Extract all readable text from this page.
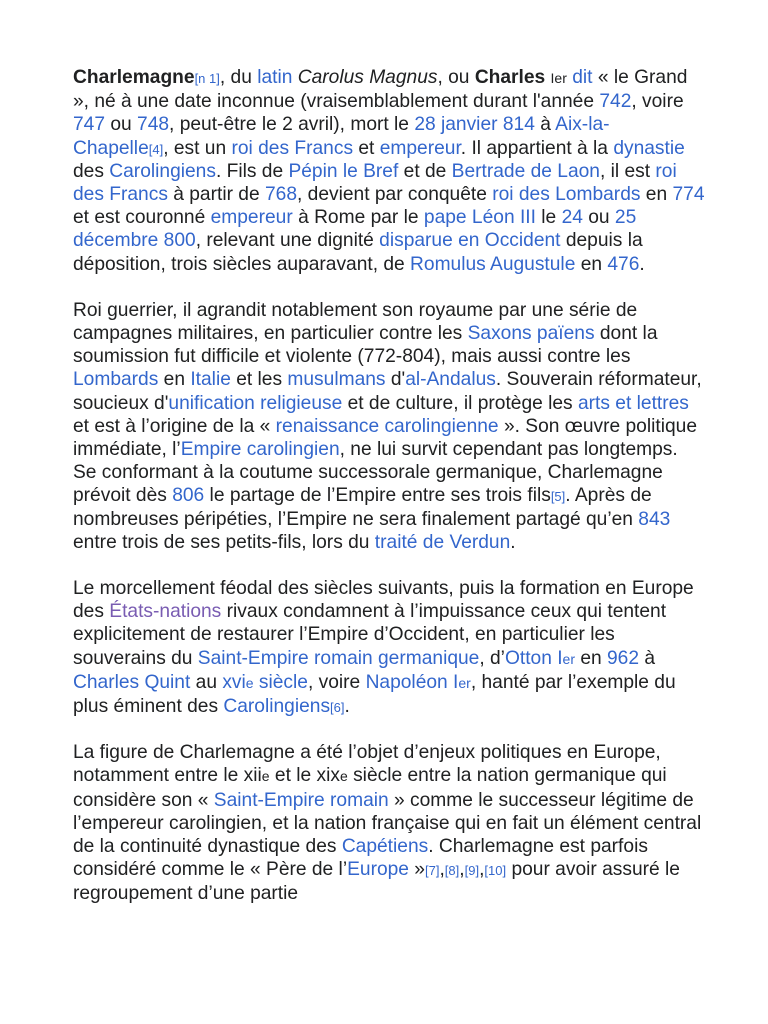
Charlemagne[n 1], du latin Carolus Magnus, ou Charles Ier dit « le Grand », né à une date inconnue (vraisemblablement durant l'année 742, voire 747 ou 748, peut-être le 2 avril), mort le 28 janvier 814 à Aix-la-Chapelle[4], est un roi des Francs et empereur. Il appartient à la dynastie des Carolingiens. Fils de Pépin le Bref et de Bertrade de Laon, il est roi des Francs à partir de 768, devient par conquête roi des Lombards en 774 et est couronné empereur à Rome par le pape Léon III le 24 ou 25 décembre 800, relevant une dignité disparue en Occident depuis la déposition, trois siècles auparavant, de Romulus Augustule en 476.

Roi guerrier, il agrandit notablement son royaume par une série de campagnes militaires, en particulier contre les Saxons païens dont la soumission fut difficile et violente (772-804), mais aussi contre les Lombards en Italie et les musulmans d'al-Andalus. Souverain réformateur, soucieux d'unification religieuse et de culture, il protège les arts et lettres et est à l’origine de la « renaissance carolingienne ». Son œuvre politique immédiate, l’Empire carolingien, ne lui survit cependant pas longtemps. Se conformant à la coutume successorale germanique, Charlemagne prévoit dès 806 le partage de l’Empire entre ses trois fils[5]. Après de nombreuses péripéties, l’Empire ne sera finalement partagé qu’en 843 entre trois de ses petits-fils, lors du traité de Verdun.

Le morcellement féodal des siècles suivants, puis la formation en Europe des États-nations rivaux condamnent à l’impuissance ceux qui tentent explicitement de restaurer l’Empire d’Occident, en particulier les souverains du Saint-Empire romain germanique, d’Otton Ier en 962 à Charles Quint au xvie siècle, voire Napoléon Ier, hanté par l’exemple du plus éminent des Carolingiens[6].

La figure de Charlemagne a été l’objet d’enjeux politiques en Europe, notamment entre le xiie et le xixe siècle entre la nation germanique qui considère son « Saint-Empire romain » comme le successeur légitime de l’empereur carolingien, et la nation française qui en fait un élément central de la continuité dynastique des Capétiens. Charlemagne est parfois considéré comme le « Père de l’Europe »[7],[8],[9],[10] pour avoir assuré le regroupement d’une partie
